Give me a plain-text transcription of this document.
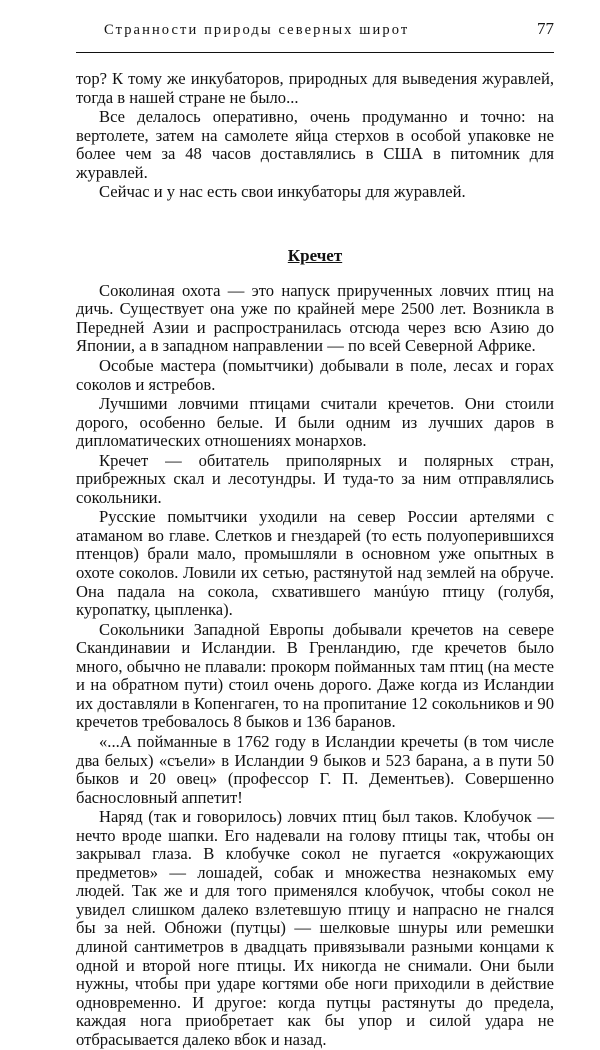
Странности природы северных широт	77

тор? К тому же инкубаторов, природных для выведения журавлей, тогда в нашей стране не было...

Все делалось оперативно, очень продуманно и точно: на вертолете, затем на самолете яйца стерхов в особой упаковке не более чем за 48 часов доставлялись в США в питомник для журавлей.

Сейчас и у нас есть свои инкубаторы для журавлей.

Кречет

Соколиная охота — это напуск прирученных ловчих птиц на дичь. Существует она уже по крайней мере 2500 лет. Возникла в Передней Азии и распространилась отсюда через всю Азию до Японии, а в западном направлении — по всей Северной Африке.

Особые мастера (помытчики) добывали в поле, лесах и горах соколов и ястребов.

Лучшими ловчими птицами считали кречетов. Они стоили дорого, особенно белые. И были одним из лучших даров в дипломатических отношениях монархов.

Кречет — обитатель приполярных и полярных стран, прибрежных скал и лесотундры. И туда-то за ним отправлялись сокольники.

Русские помытчики уходили на север России артелями с атаманом во главе. Слетков и гнездарей (то есть полуоперившихся птенцов) брали мало, промышляли в основном уже опытных в охоте соколов. Ловили их сетью, растянутой над землей на обруче. Она падала на сокола, схватившего манúую птицу (голубя, куропатку, цыпленка).

Сокольники Западной Европы добывали кречетов на севере Скандинавии и Исландии. В Гренландию, где кречетов было много, обычно не плавали: прокорм пойманных там птиц (на месте и на обратном пути) стоил очень дорого. Даже когда из Исландии их доставляли в Копенгаген, то на пропитание 12 сокольников и 90 кречетов требовалось 8 быков и 136 баранов.

«...А пойманные в 1762 году в Исландии кречеты (в том числе два белых) «съели» в Исландии 9 быков и 523 барана, а в пути 50 быков и 20 овец» (профессор Г. П. Дементьев). Совершенно баснословный аппетит!

Наряд (так и говорилось) ловчих птиц был таков. Клобучок — нечто вроде шапки. Его надевали на голову птицы так, чтобы он закрывал глаза. В клобучке сокол не пугается «окружающих предметов» — лошадей, собак и множества незнакомых ему людей. Так же и для того применялся клобучок, чтобы сокол не увидел слишком далеко взлетевшую птицу и напрасно не гнался бы за ней. Обножи (путцы) — шелковые шнуры или ремешки длиной сантиметров в двадцать привязывали разными концами к одной и второй ноге птицы. Их никогда не снимали. Они были нужны, чтобы при ударе когтями обе ноги приходили в действие одновременно. И другое: когда путцы растянуты до предела, каждая нога приобретает как бы упор и силой удара не отбрасывается далеко вбок и назад.
